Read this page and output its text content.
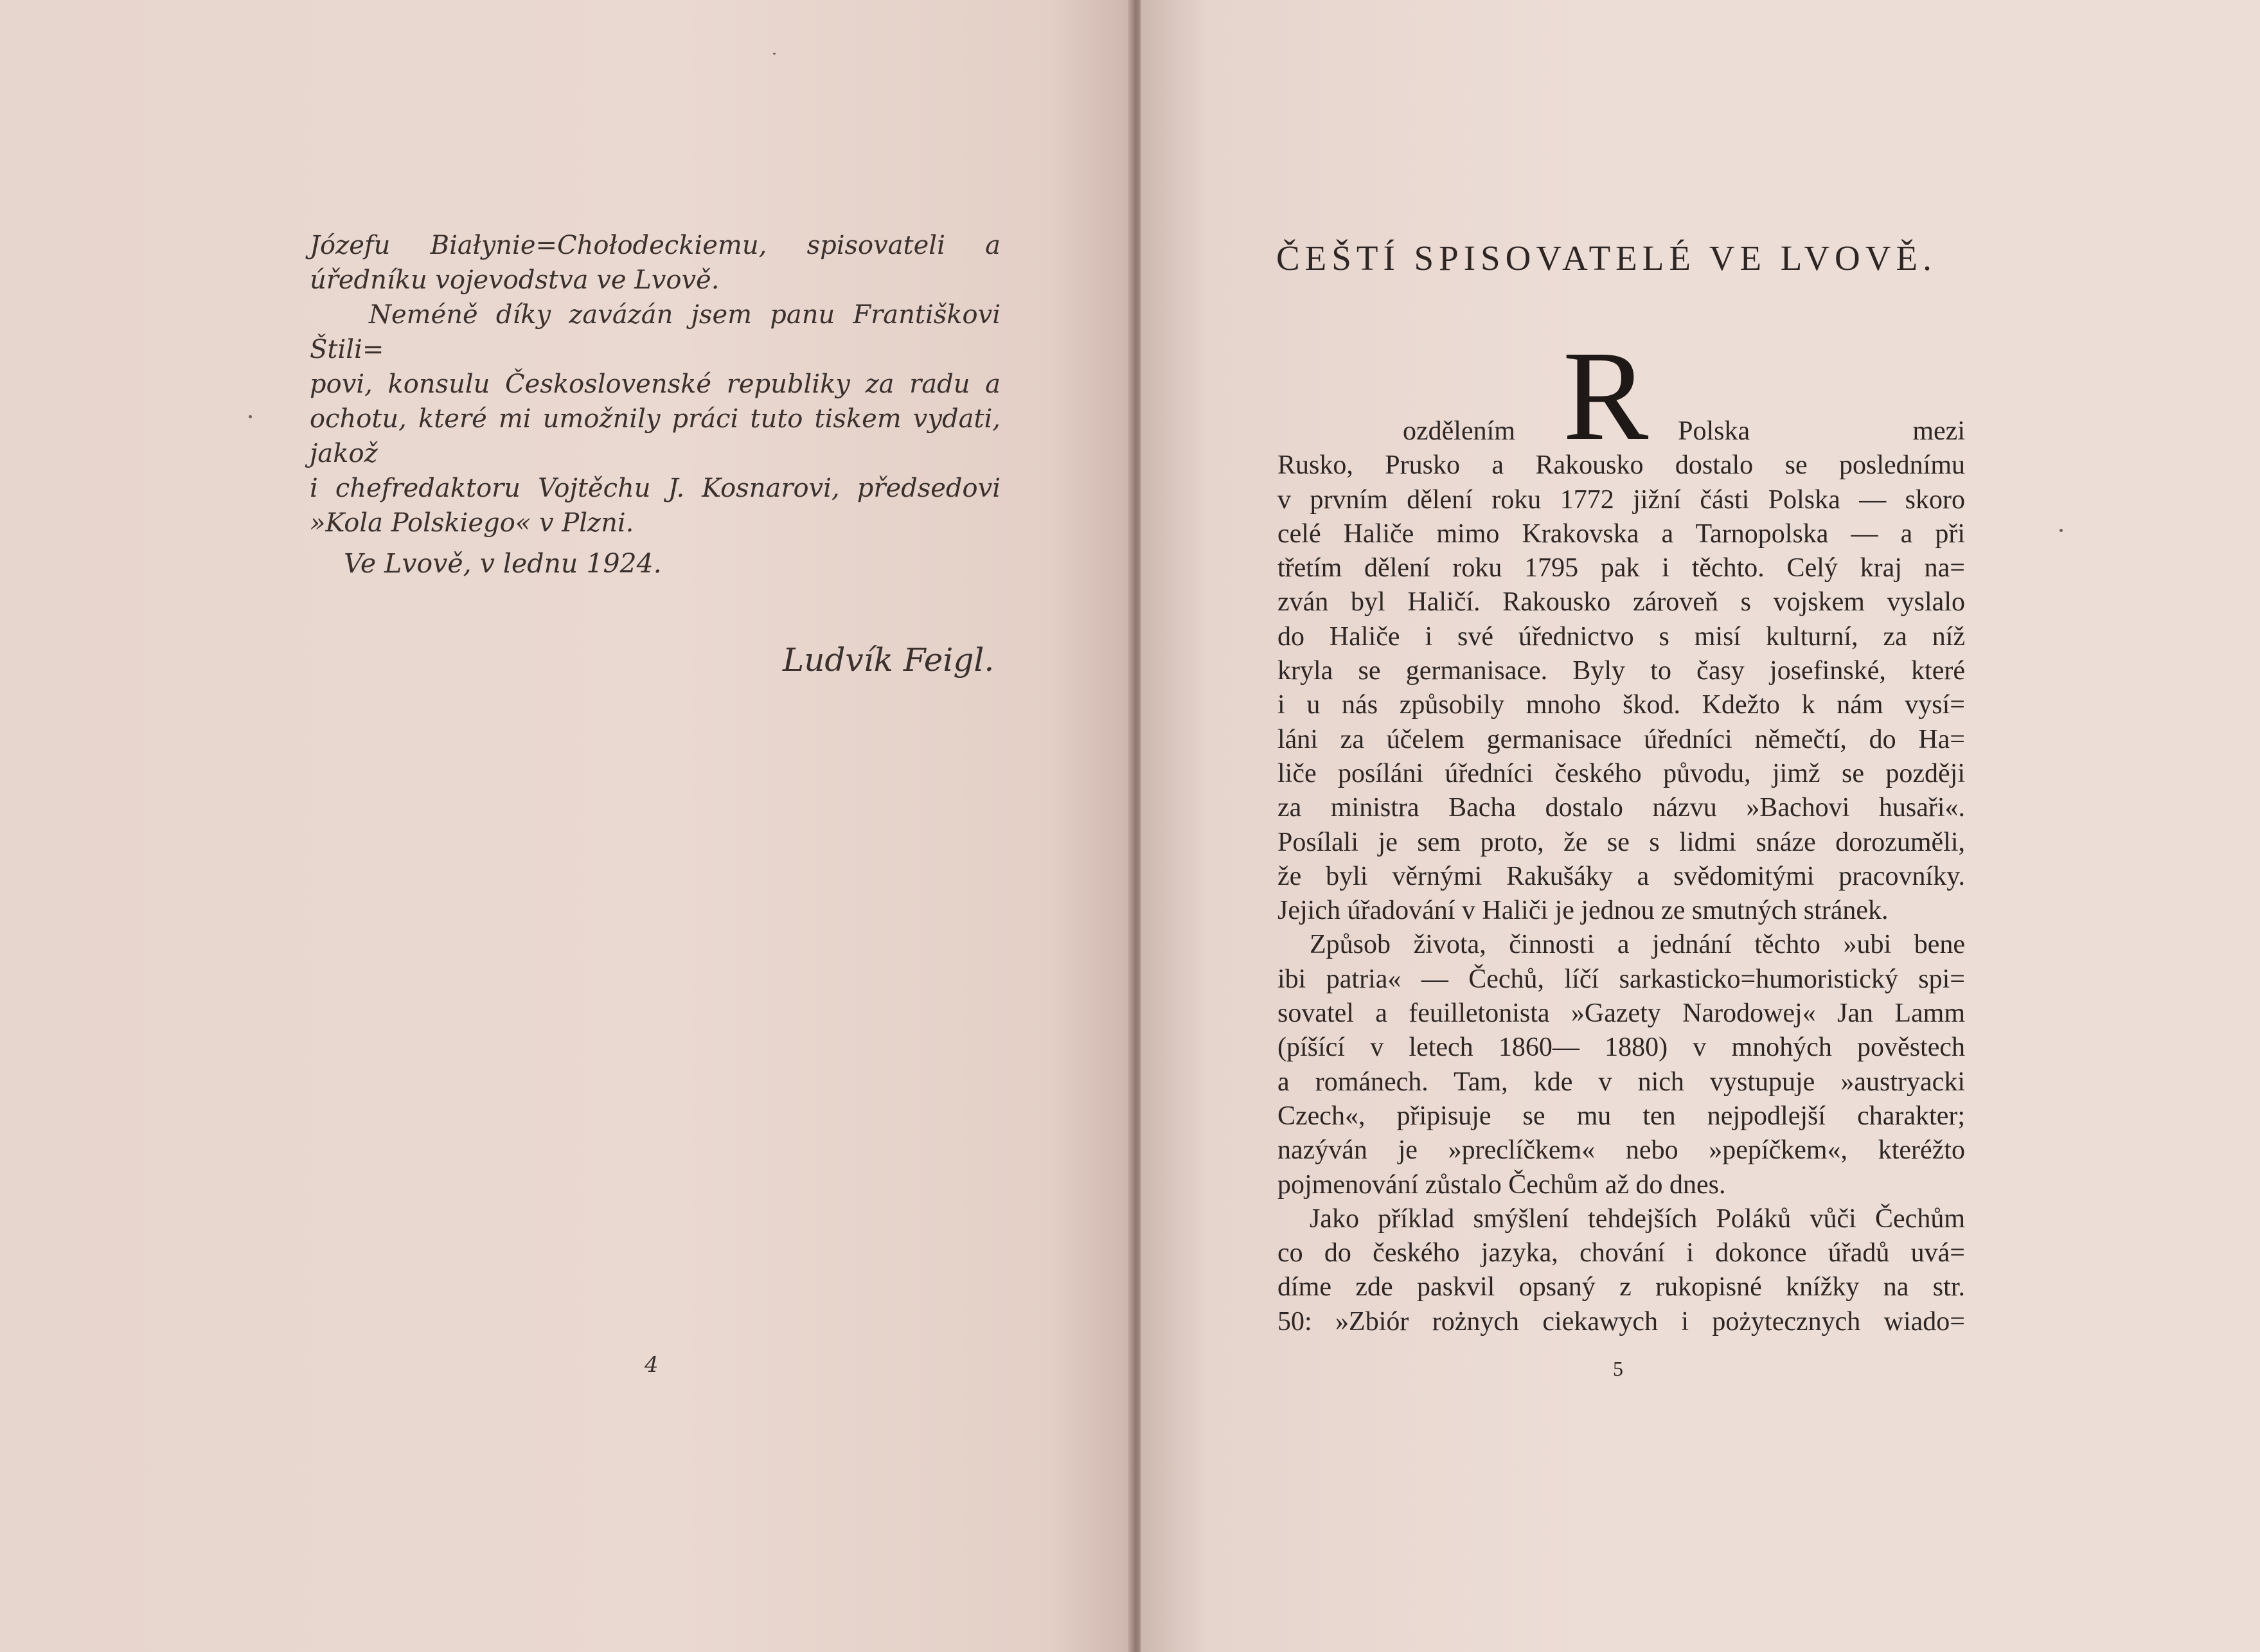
Józefu Białynie=Chołodeckiemu, spisovateli a

úředníku vojevodstva ve Lvově.

Neméně díky zavázán jsem panu Františkovi Štili=

povi, konsulu Československé republiky za radu a

ochotu, které mi umožnily práci tuto tiskem vydati, jakož

i chefredaktoru Vojtěchu J. Kosnarovi, předsedovi

»Kola Polskiego« v Plzni.

Ve Lvově, v lednu 1924.
Ludvík Feigl.
4
ČEŠTÍ SPISOVATELÉ VE LVOVĚ.
R
ozdělením Polska mezi
Rusko, Prusko a Rakousko dostalo se poslednímu
v prvním dělení roku 1772 jižní části Polska — skoro
celé Haliče mimo Krakovska a Tarnopolska — a při
třetím dělení roku 1795 pak i těchto. Celý kraj na=
zván byl Haličí. Rakousko zároveň s vojskem vyslalo
do Haliče i své úřednictvo s misí kulturní, za níž
kryla se germanisace. Byly to časy josefinské, které
i u nás způsobily mnoho škod. Kdežto k nám vysí=
láni za účelem germanisace úředníci němečtí, do Ha=
liče posíláni úředníci českého původu, jimž se později
za ministra Bacha dostalo názvu »Bachovi husaři«.
Posílali je sem proto, že se s lidmi snáze dorozuměli,
že byli věrnými Rakušáky a svědomitými pracovníky.
Jejich úřadování v Haliči je jednou ze smutných stránek.
Způsob života, činnosti a jednání těchto »ubi bene
ibi patria« — Čechů, líčí sarkasticko=humoristický spi=
sovatel a feuilletonista »Gazety Narodowej« Jan Lamm
(píšící v letech 1860— 1880) v mnohých pověstech
a románech. Tam, kde v nich vystupuje »austryacki
Czech«, připisuje se mu ten nejpodlejší charakter;
nazýván je »preclíčkem« nebo »pepíčkem«, kteréžto
pojmenování zůstalo Čechům až do dnes.
Jako příklad smýšlení tehdejších Poláků vůči Čechům
co do českého jazyka, chování i dokonce úřadů uvá=
díme zde paskvil opsaný z rukopisné knížky na str.
50: »Zbiór rożnych ciekawych i pożytecznych wiado=
5
